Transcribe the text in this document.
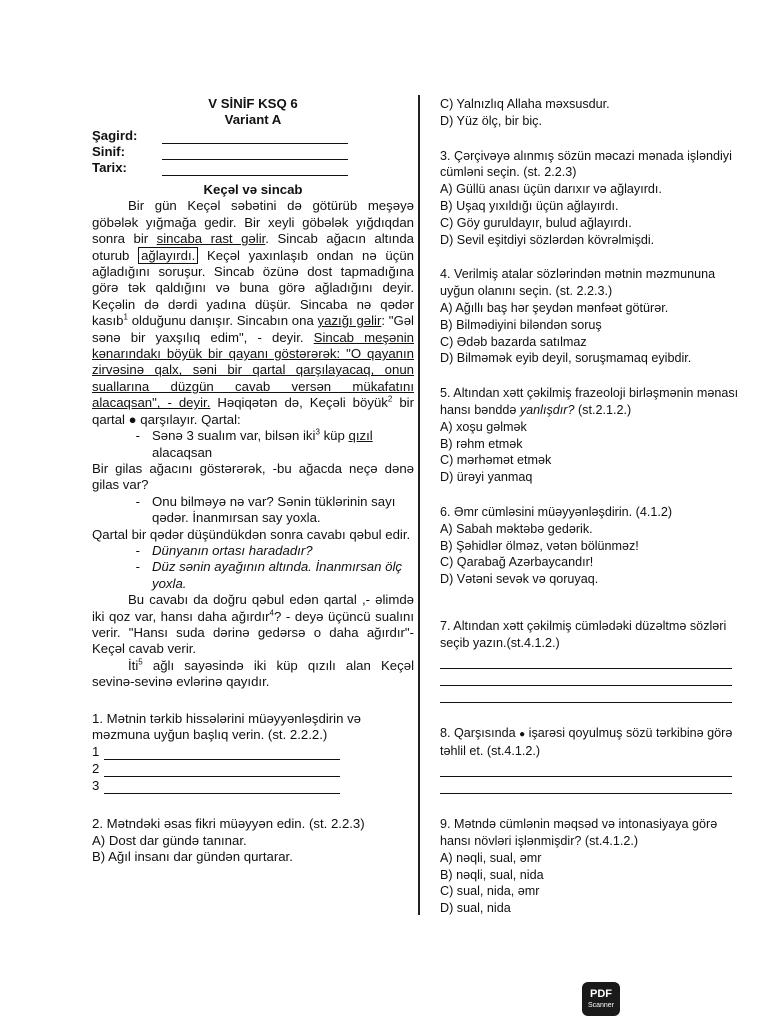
V SİNİF KSQ 6
Variant A
Şagird:
Sinif:
Tarix:
Keçəl və sincab

Bir gün Keçəl səbətini də götürüb meşəyə göbələk yığmağa gedir. Bir xeyli göbələk yığdıqdan sonra bir sincaba rast gəlir. Sincab ağacın altında oturub ağlayırdı. Keçəl yaxınlaşıb ondan nə üçün ağladığını soruşur. Sincab özünə dost tapmadığına görə tək qaldığını və buna görə ağladığını deyir. Keçəlin də dərdi yadına düşür. Sincaba nə qədər kasıb$^1$ olduğunu danışır. Sincabın ona yazığı gəlir: "Gəl sənə bir yaxşılıq edim", - deyir. Sincab meşənin kənarındakı böyük bir qayanı göstərərək: "O qayanın zirvəsinə qalx, səni bir qartal qarşılayacaq, onun suallarına düzgün cavab versən mükafatını alacaqsan", - deyir. Həqiqətən də, Keçəli böyük$^2$ bir qartal ● qarşılayır. Qartal:

- Sənə 3 sualım var, bilsən iki$^3$ küp qızıl alacaqsan

Bir gilas ağacını göstərərək, -bu ağacda neçə dənə gilas var?

- Onu bilməyə nə var? Sənin tüklərinin sayı qədər. İnanmırsan say yoxla.

Qartal bir qədər düşündükdən sonra cavabı qəbul edir.

- Dünyanın ortası haradadır?
- Düz sənin ayağının altında. İnanmırsan ölç yoxla.

Bu cavabı da doğru qəbul edən qartal ,- əlimdə iki qoz var, hansı daha ağırdır$^4$? - deyə üçüncü sualını verir. "Hansı suda dərinə gedərsə o daha ağırdır"- Keçəl cavab verir.

İti$^5$ ağlı sayəsində iki küp qızılı alan Keçəl sevinə-sevinə evlərinə qayıdır.

1. Mətnin tərkib hissələrini müəyyənləşdirin və məzmuna uyğun başlıq verin. (st. 2.2.2.)
1
2
3
2. Mətndəki əsas fikri müəyyən edin. (st. 2.2.3)
A) Dost dar gündə tanınar.
B) Ağıl insanı dar gündən qurtarar.
C) Yalnızlıq Allaha məxsusdur.
D) Yüz ölç, bir biç.
3. Çərçivəyə alınmış sözün məcazi mənada işləndiyi cümləni seçin. (st. 2.2.3)
A) Güllü anası üçün darıxır və ağlayırdı.
B) Uşaq yıxıldığı üçün ağlayırdı.
C) Göy guruldayır, bulud ağlayırdı.
D) Sevil eşitdiyi sözlərdən kövrəlmişdi.
4. Verilmiş atalar sözlərindən mətnin məzmununa uyğun olanını seçin. (st. 2.2.3.)
A) Ağıllı baş hər şeydən mənfəət götürər.
B) Bilmədiyini biləndən soruş
C) Ədəb bazarda satılmaz
D) Bilməmək eyib deyil, soruşmamaq eyibdir.
5. Altından xətt çəkilmiş frazeoloji birləşmənin mənası hansı bənddə yanlışdır? (st.2.1.2.)
A) xoşu gəlmək
B) rəhm etmək
C) mərhəmət etmək
D) ürəyi yanmaq
6. Əmr cümləsini müəyyənləşdirin. (4.1.2)
A) Sabah məktəbə gedərik.
B) Şəhidlər ölməz, vətən bölünməz!
C) Qarabağ Azərbaycandır!
D) Vətəni sevək və qoruyaq.
7. Altından xətt çəkilmiş cümlədəki düzəltmə sözləri seçib yazın.(st.4.1.2.)
8. Qarşısında ● işarəsi qoyulmuş sözü tərkibinə görə təhlil et. (st.4.1.2.)
9. Mətndə cümlənin məqsəd və intonasiyaya görə hansı növləri işlənmişdir? (st.4.1.2.)
A) nəqli, sual, əmr
B) nəqli, sual, nida
C) sual, nida, əmr
D) sual, nida
PDF
Scanner
